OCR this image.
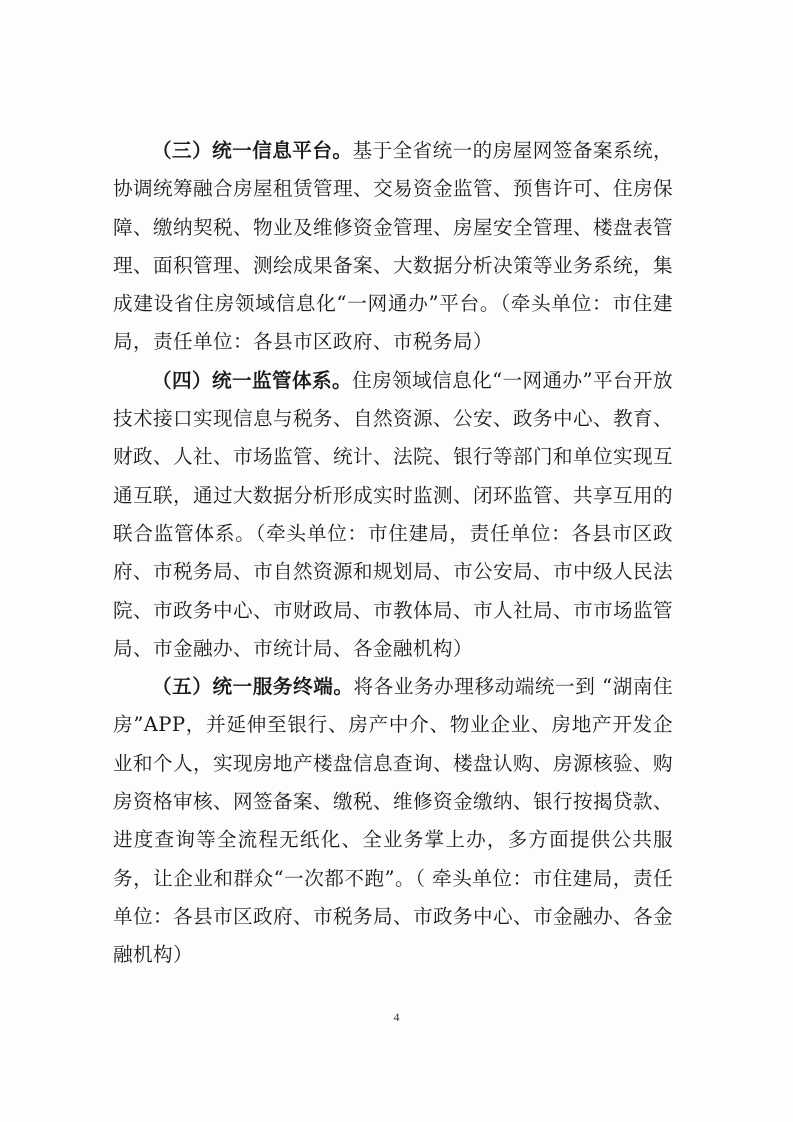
（三）统一信息平台。基于全省统一的房屋网签备案系统，协调统筹融合房屋租赁管理、交易资金监管、预售许可、住房保障、缴纳契税、物业及维修资金管理、房屋安全管理、楼盘表管理、面积管理、测绘成果备案、大数据分析决策等业务系统，集成建设省住房领域信息化“一网通办”平台。（牵头单位：市住建局，责任单位：各县市区政府、市税务局）

（四）统一监管体系。住房领域信息化“一网通办”平台开放技术接口实现信息与税务、自然资源、公安、政务中心、教育、财政、人社、市场监管、统计、法院、银行等部门和单位实现互通互联，通过大数据分析形成实时监测、闭环监管、共享互用的联合监管体系。（牵头单位：市住建局，责任单位：各县市区政府、市税务局、市自然资源和规划局、市公安局、市中级人民法院、市政务中心、市财政局、市教体局、市人社局、市市场监管局、市金融办、市统计局、各金融机构）

（五）统一服务终端。将各业务办理移动端统一到 “湖南住房”APP，并延伸至银行、房产中介、物业企业、房地产开发企业和个人，实现房地产楼盘信息查询、楼盘认购、房源核验、购房资格审核、网签备案、缴税、维修资金缴纳、银行按揭贷款、进度查询等全流程无纸化、全业务掌上办，多方面提供公共服务，让企业和群众“一次都不跑”。（ 牵头单位：市住建局，责任单位：各县市区政府、市税务局、市政务中心、市金融办、各金融机构）

4
